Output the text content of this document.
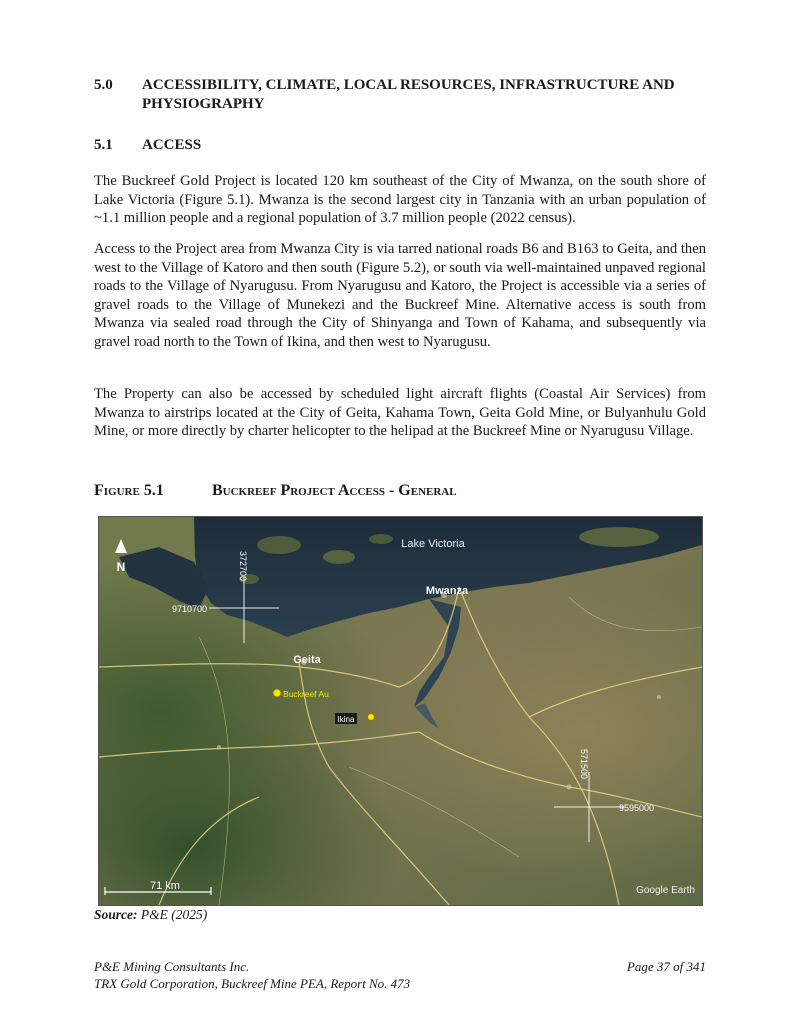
5.0 ACCESSIBILITY, CLIMATE, LOCAL RESOURCES, INFRASTRUCTURE AND PHYSIOGRAPHY
5.1 ACCESS

The Buckreef Gold Project is located 120 km southeast of the City of Mwanza, on the south shore of Lake Victoria (Figure 5.1). Mwanza is the second largest city in Tanzania with an urban population of ~1.1 million people and a regional population of 3.7 million people (2022 census).

Access to the Project area from Mwanza City is via tarred national roads B6 and B163 to Geita, and then west to the Village of Katoro and then south (Figure 5.2), or south via well-maintained unpaved regional roads to the Village of Nyarugusu. From Nyarugusu and Katoro, the Project is accessible via a series of gravel roads to the Village of Munekezi and the Buckreef Mine. Alternative access is south from Mwanza via sealed road through the City of Shinyanga and Town of Kahama, and subsequently via gravel road north to the Town of Ikina, and then west to Nyarugusu.

The Property can also be accessed by scheduled light aircraft flights (Coastal Air Services) from Mwanza to airstrips located at the City of Geita, Kahama Town, Geita Gold Mine, or Bulyanhulu Gold Mine, or more directly by charter helicopter to the helipad at the Buckreef Mine or Nyarugusu Village.

Figure 5.1	Buckreef Project Access - General
N
9710700
372700
571500
9595000
Lake Victoria
Mwanza
Geita
Buckreef Au
Ikina
71 km	Google Earth
Source: P&E (2025)
P&E Mining Consultants Inc.
TRX Gold Corporation, Buckreef Mine PEA, Report No. 473
Page 37 of 341
